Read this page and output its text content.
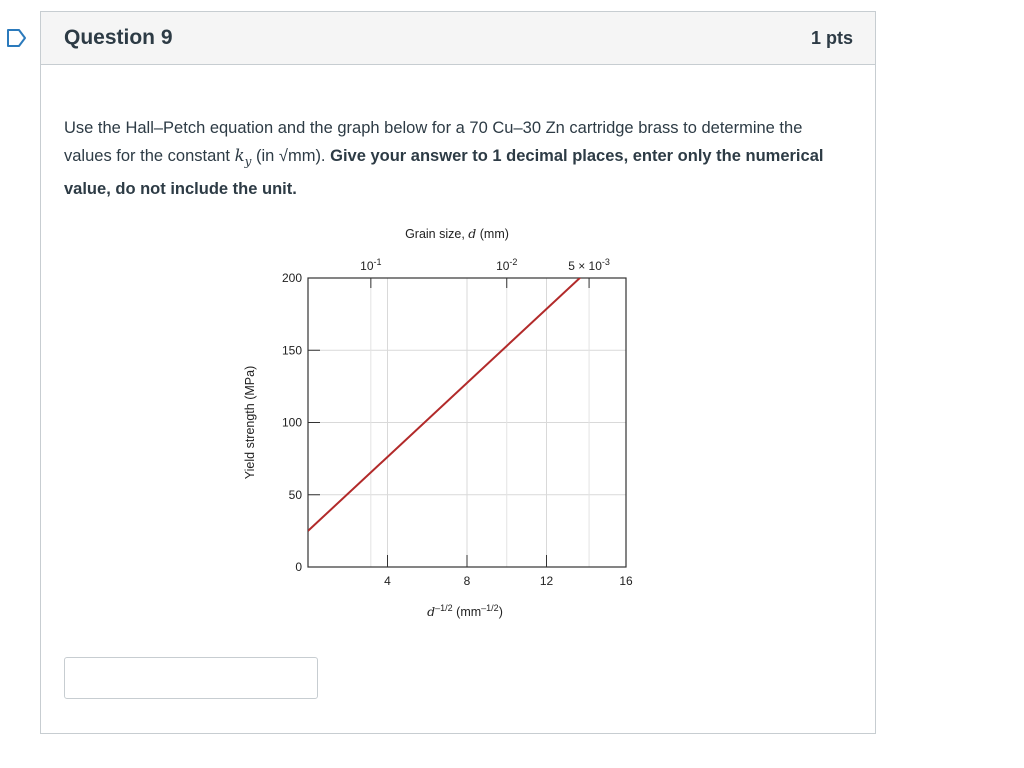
Question 9	1 pts
Use the Hall–Petch equation and the graph below for a 70 Cu–30 Zn cartridge brass to determine the values for the constant $k_y$ (in √mm). Give your answer to 1 decimal places, enter only the numerical value, do not include the unit.
0
50
100
150
200
4	8	12	16
$10^{-1}$	$10^{-2}$	$5 \times 10^{-3}$
Grain size, d (mm)
$d^{-1/2}$ $(mm^{-1/2})$
Yield strength (MPa)
